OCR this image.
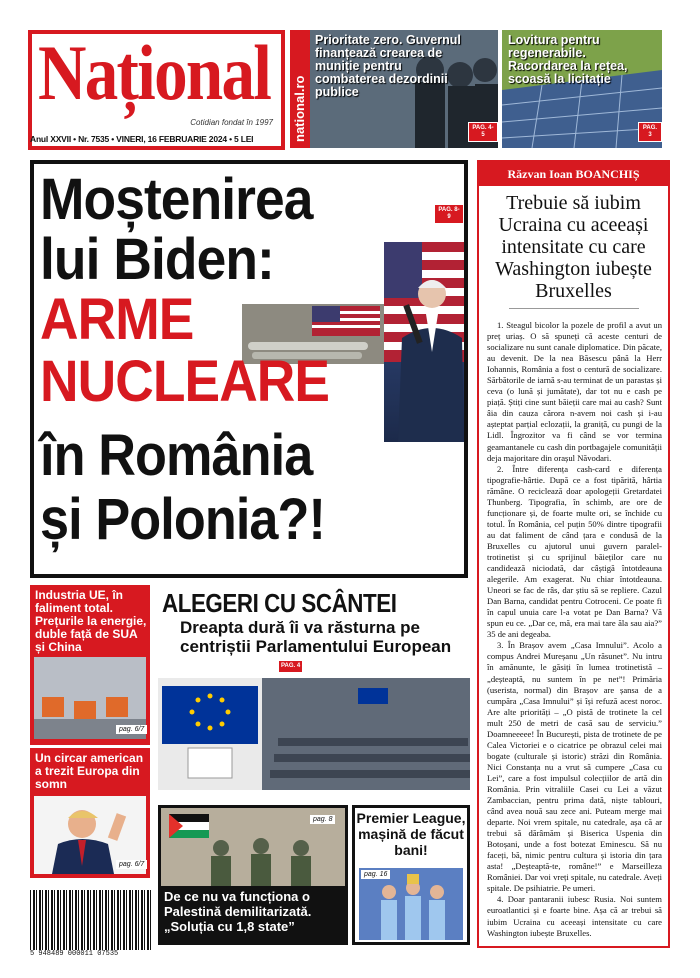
Național
Cotidian fondat în 1997
Anul XXVII • Nr. 7535 • VINERI, 16 FEBRUARIE 2024 • 5 LEI	national.ro
Prioritate zero. Guvernul finanțează crearea de muniție pentru combaterea dezordinii publice
PAG. 4-5
Lovitura pentru regenerabile. Racordarea la rețea, scoasă la licitație
PAG. 3
Moștenirea
lui Biden:
ARME
NUCLEARE
în România
și Polonia?!
PAG. 8-9
Răzvan Ioan BOANCHIȘ
Trebuie să iubim Ucraina cu aceeași intensitate cu care Washington iubește Bruxelles

1. Steagul bicolor la pozele de profil a avut un preț uriaș. O să spuneți că aceste centuri de socializare nu sunt canale diplomatice. Din păcate, au devenit. De la nea Băsescu până la Herr Iohannis, România a fost o centură de socializare. Sărbătorile de iarnă s-au terminat de un parastas și ceva (o lună și jumătate), dar tot nu e cash pe piață. Știți cine sunt băieții care mai au cash? Sunt âia din cauza cărora n-avem noi cash și i-au așteptat parțial eclozații, la graniță, cu pungi de la Lidl. Îngrozitor va fi când se vor termina geamantanele cu cash din portbagajele comunității deja majoritare din orașul Năvodari.

2. Între diferența cash-card e diferența tipografie-hârtie. După ce a fost tipărită, hârtia rămâne. O reciclează doar apologeții Gretardatei Thunberg. Tipografia, în schimb, are ore de funcționare și, de foarte multe ori, se închide cu totul. În România, cel puțin 50% dintre tipografii au dat faliment de când țara e condusă de la Bruxelles cu ajutorul unui guvern paralel-trotinetist și cu sprijinul băieților care nu candidează niciodată, dar câștigă întotdeauna alegerile. Am exagerat. Nu chiar întotdeauna. Uneori se fac de râs, dar știu să se repliere. Cazul Dan Barna, candidat pentru Cotroceni. Ce poate fi în capul unuia care l-a votat pe Dan Barna? Vă spun eu ce. „Dar ce, mă, era mai tare ăla sau aia?” 35 de ani degeaba.

3. În Brașov avem „Casa Imnului”. Acolo a compus Andrei Mureșanu „Un răsunet”. Nu intru în amănunte, le găsiți în lumea trotinetistă – „deșteaptă, nu suntem în pe net”! Primăria (userista, normal) din Brașov are șansa de a cumpăra „Casa Imnului” și își refuză acest noroc. Are alte priorități – „O pistă de trotinete la cel mult 250 de metri de casă sau de serviciu.” Doamneeeee! În București, pista de trotinete de pe Calea Victoriei e o cicatrice pe obrazul celei mai bogate (culturale și istoric) străzi din România. Nici Constanța nu a vrut să cumpere „Casa cu Lei”, care a fost impulsul colecțiilor de artă din România. Prin vitraliile Casei cu Lei a văzut Zambaccian, pentru prima dată, niște tablouri, când avea nouă sau zece ani. Puteam merge mai departe. Noi vrem spitale, nu catedrale, așa că ar trebui să dărâmăm și Biserica Uspenia din Botoșani, unde a fost botezat Eminescu. Să nu faceți, bă, nimic pentru cultura și istoria din țara asta! „Deșteaptă-te, române!” e Marseilleza României. Dar voi vreți spitale, nu catedrale. Aveți spitale. De psihiatrie. Pe umeri.

4. Doar pantaranii iubesc Rusia. Noi suntem euroatlantici și e foarte bine. Așa că ar trebui să iubim Ucraina cu aceeași intensitate cu care Washington iubește Bruxelles.

Industria UE, în faliment total. Prețurile la energie, duble față de SUA și China
pag. 6/7
Un circar american a trezit Europa din somn
pag. 6/7
ALEGERI CU SCÂNTEI
Dreapta dură îi va răsturna pe centriștii Parlamentului European
PAG. 4
pag. 8
De ce nu va funcționa o Palestină demilitarizată. „Soluția cu 1,8 state”
Premier League, mașină de făcut bani!
pag. 16
5 948489 000011 07535
